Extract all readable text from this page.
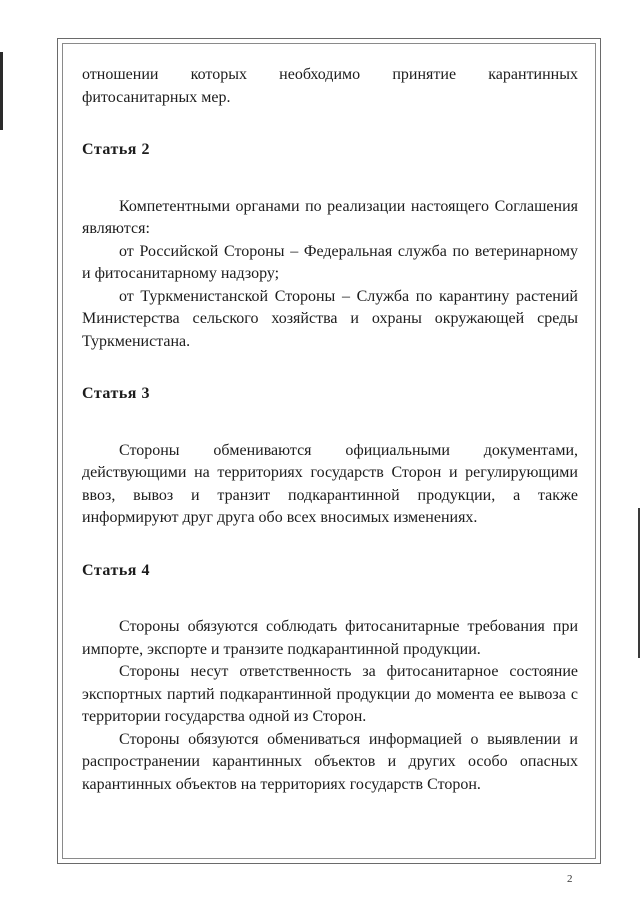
отношении которых необходимо принятие карантинных

фитосанитарных мер.

Статья 2

Компетентными органами по реализации настоящего Соглашения являются:

от Российской Стороны – Федеральная служба по ветеринарному и фитосанитарному надзору;

от Туркменистанской Стороны – Служба по карантину растений Министерства сельского хозяйства и охраны окружающей среды Туркменистана.

Статья 3

Стороны обмениваются официальными документами, действующими на территориях государств Сторон и регулирующими ввоз, вывоз и транзит подкарантинной продукции, а также информируют друг друга обо всех вносимых изменениях.

Статья 4

Стороны обязуются соблюдать фитосанитарные требования при импорте, экспорте и транзите подкарантинной продукции.

Стороны несут ответственность за фитосанитарное состояние экспортных партий подкарантинной продукции до момента ее вывоза с территории государства одной из Сторон.

Стороны обязуются обмениваться информацией о выявлении и распространении карантинных объектов и других особо опасных карантинных объектов на территориях государств Сторон.

2
